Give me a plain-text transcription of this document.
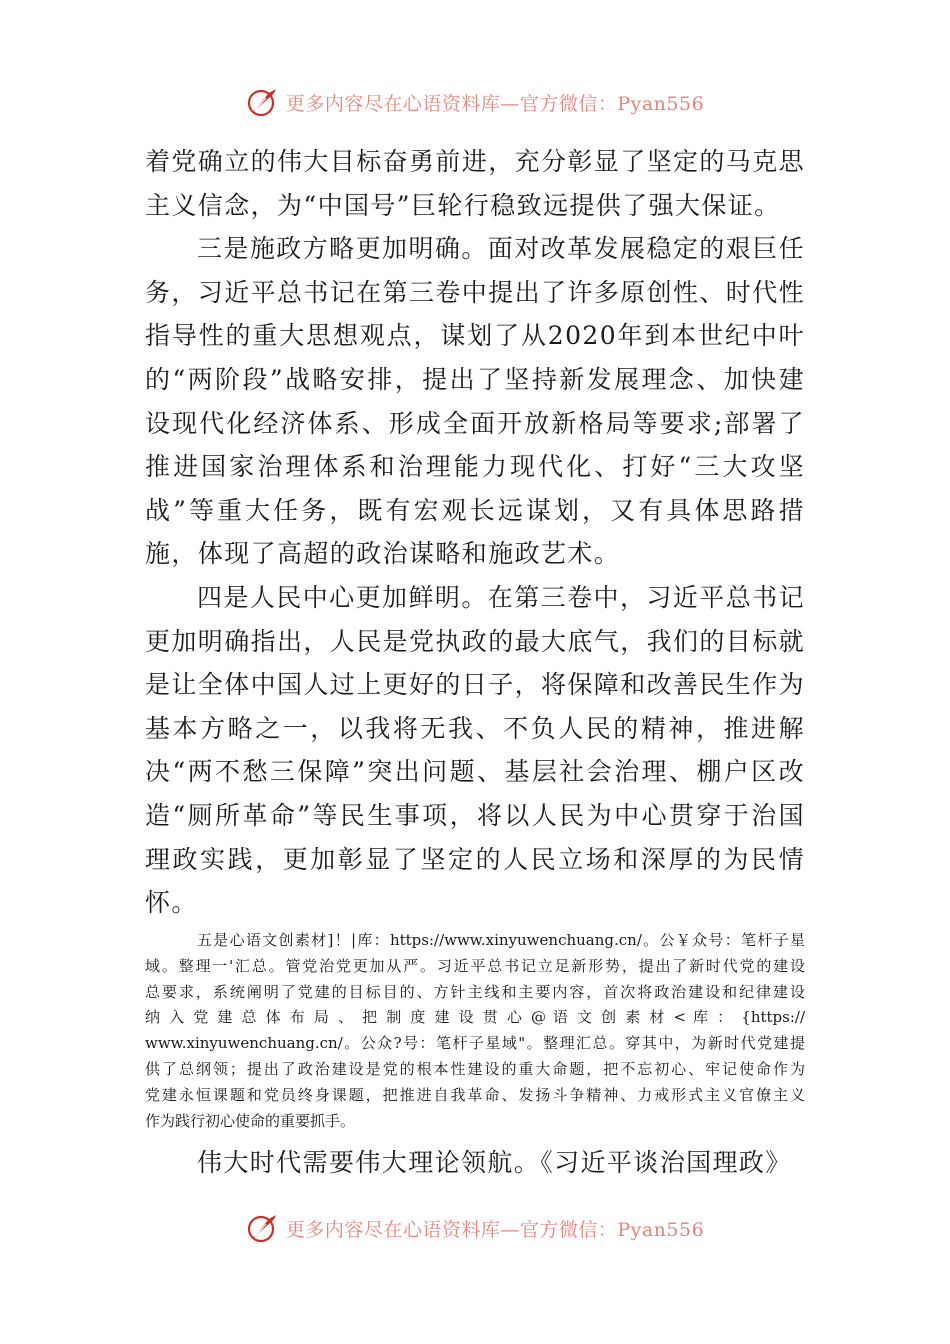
更多内容尽在心语资料库—官方微信：Pyan556

着党确立的伟大目标奋勇前进，充分彰显了坚定的马克思主义信念，为“中国号”巨轮行稳致远提供了强大保证。

三是施政方略更加明确。面对改革发展稳定的艰巨任务，习近平总书记在第三卷中提出了许多原创性、时代性指导性的重大思想观点，谋划了从2020年到本世纪中叶的“两阶段”战略安排，提出了坚持新发展理念、加快建设现代化经济体系、形成全面开放新格局等要求;部署了推进国家治理体系和治理能力现代化、打好“三大攻坚战”等重大任务，既有宏观长远谋划，又有具体思路措施，体现了高超的政治谋略和施政艺术。

四是人民中心更加鲜明。在第三卷中，习近平总书记更加明确指出，人民是党执政的最大底气，我们的目标就是让全体中国人过上更好的日子，将保障和改善民生作为基本方略之一，以我将无我、不负人民的精神，推进解决“两不愁三保障”突出问题、基层社会治理、棚户区改造“厕所革命”等民生事项，将以人民为中心贯穿于治国理政实践，更加彰显了坚定的人民立场和深厚的为民情怀。

五是心语文创素材]！|库：https://www.xinyuwenchuang.cn/。公￥众号：笔杆子星
域。整理一'汇总。管党治党更加从严。习近平总书记立足新形势，提出了新时代党的建设
总要求，系统阐明了党建的目标目的、方针主线和主要内容，首次将政治建设和纪律建设
纳 入 党 建 总 体 布 局 、 把 制 度 建 设 贯 心 @ 语 文 创 素 材 < 库 ： {https://
www.xinyuwenchuang.cn/。公众?号：笔杆子星域"。整理汇总。穿其中，为新时代党建提
供了总纲领；提出了政治建设是党的根本性建设的重大命题，把不忘初心、牢记使命作为
党建永恒课题和党员终身课题，把推进自我革命、发扬斗争精神、力戒形式主义官僚主义
作为践行初心使命的重要抓手。

伟大时代需要伟大理论领航。《习近平谈治国理政》

更多内容尽在心语资料库—官方微信：Pyan556
